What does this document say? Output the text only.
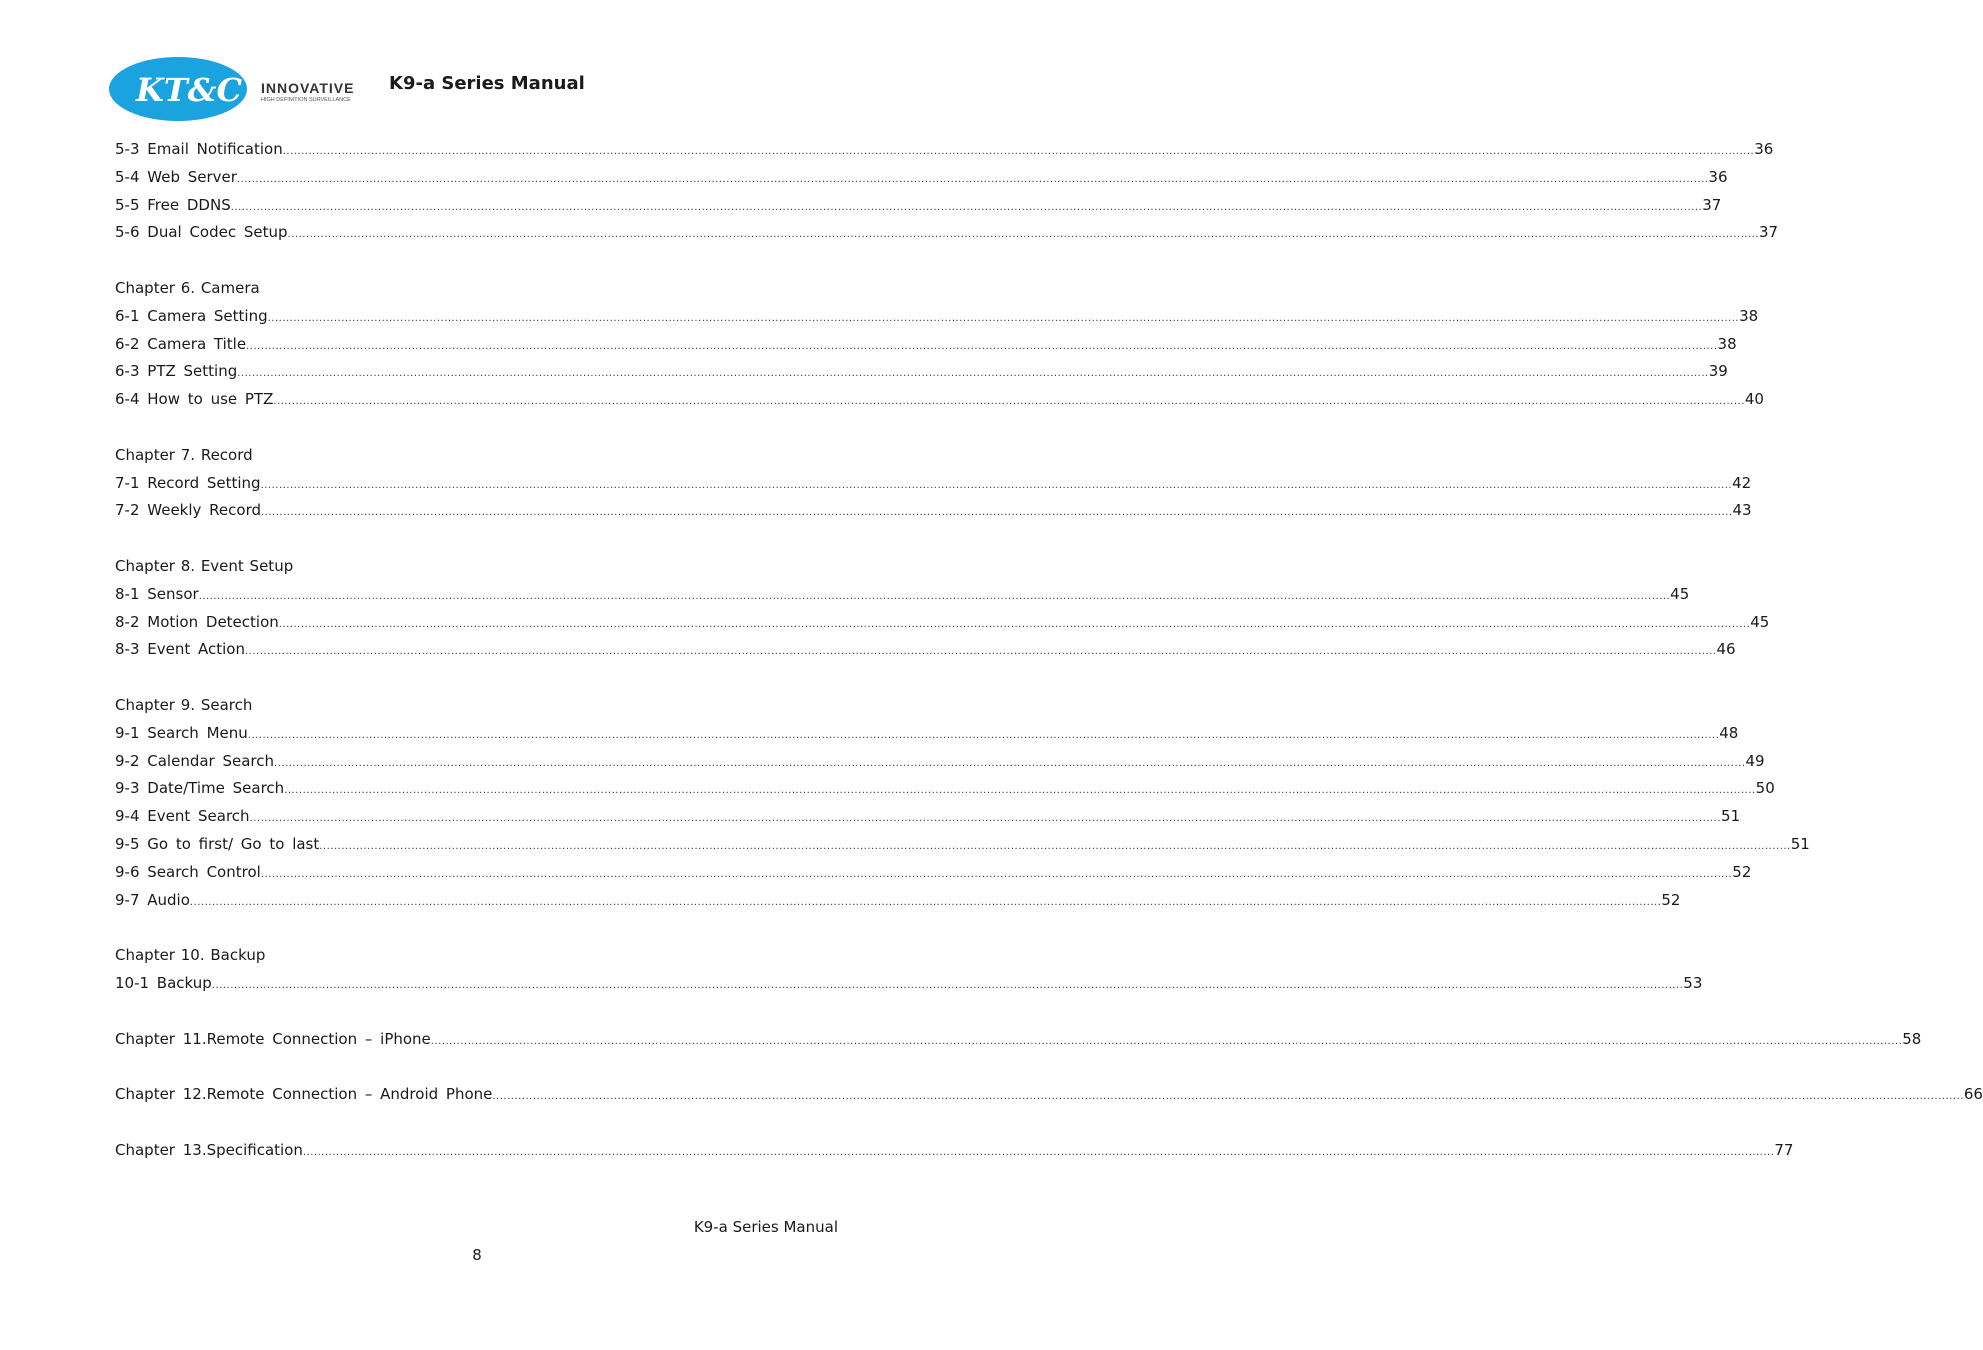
KT&C INNOVATIVE
HIGH DEFINITION SURVEILLANCE
K9-a Series Manual
5-3 Email Notification ................................................................................................................................................................................................................................................................................................................................................................................................................ 36
5-4 Web Server ................................................................................................................................................................................................................................................................................................................................................................................................................ 36
5-5 Free DDNS ................................................................................................................................................................................................................................................................................................................................................................................................................ 37
5-6 Dual Codec Setup ................................................................................................................................................................................................................................................................................................................................................................................................................ 37
Chapter 6. Camera
6-1 Camera Setting ................................................................................................................................................................................................................................................................................................................................................................................................................ 38
6-2 Camera Title ................................................................................................................................................................................................................................................................................................................................................................................................................ 38
6-3 PTZ Setting ................................................................................................................................................................................................................................................................................................................................................................................................................ 39
6-4 How to use PTZ ................................................................................................................................................................................................................................................................................................................................................................................................................ 40
Chapter 7. Record
7-1 Record Setting ................................................................................................................................................................................................................................................................................................................................................................................................................ 42
7-2 Weekly Record ................................................................................................................................................................................................................................................................................................................................................................................................................ 43
Chapter 8. Event Setup
8-1 Sensor ................................................................................................................................................................................................................................................................................................................................................................................................................ 45
8-2 Motion Detection ................................................................................................................................................................................................................................................................................................................................................................................................................ 45
8-3 Event Action ................................................................................................................................................................................................................................................................................................................................................................................................................ 46
Chapter 9. Search
9-1 Search Menu ................................................................................................................................................................................................................................................................................................................................................................................................................ 48
9-2 Calendar Search ................................................................................................................................................................................................................................................................................................................................................................................................................ 49
9-3 Date/Time Search ................................................................................................................................................................................................................................................................................................................................................................................................................ 50
9-4 Event Search ................................................................................................................................................................................................................................................................................................................................................................................................................ 51
9-5 Go to first/ Go to last ................................................................................................................................................................................................................................................................................................................................................................................................................ 51
9-6 Search Control ................................................................................................................................................................................................................................................................................................................................................................................................................ 52
9-7 Audio ................................................................................................................................................................................................................................................................................................................................................................................................................ 52
Chapter 10. Backup
10-1 Backup ................................................................................................................................................................................................................................................................................................................................................................................................................ 53
Chapter 11.Remote Connection – iPhone ................................................................................................................................................................................................................................................................................................................................................................................................................ 58
Chapter 12.Remote Connection – Android Phone ................................................................................................................................................................................................................................................................................................................................................................................................................ 66
Chapter 13.Specification ................................................................................................................................................................................................................................................................................................................................................................................................................ 77
K9-a Series Manual
8
